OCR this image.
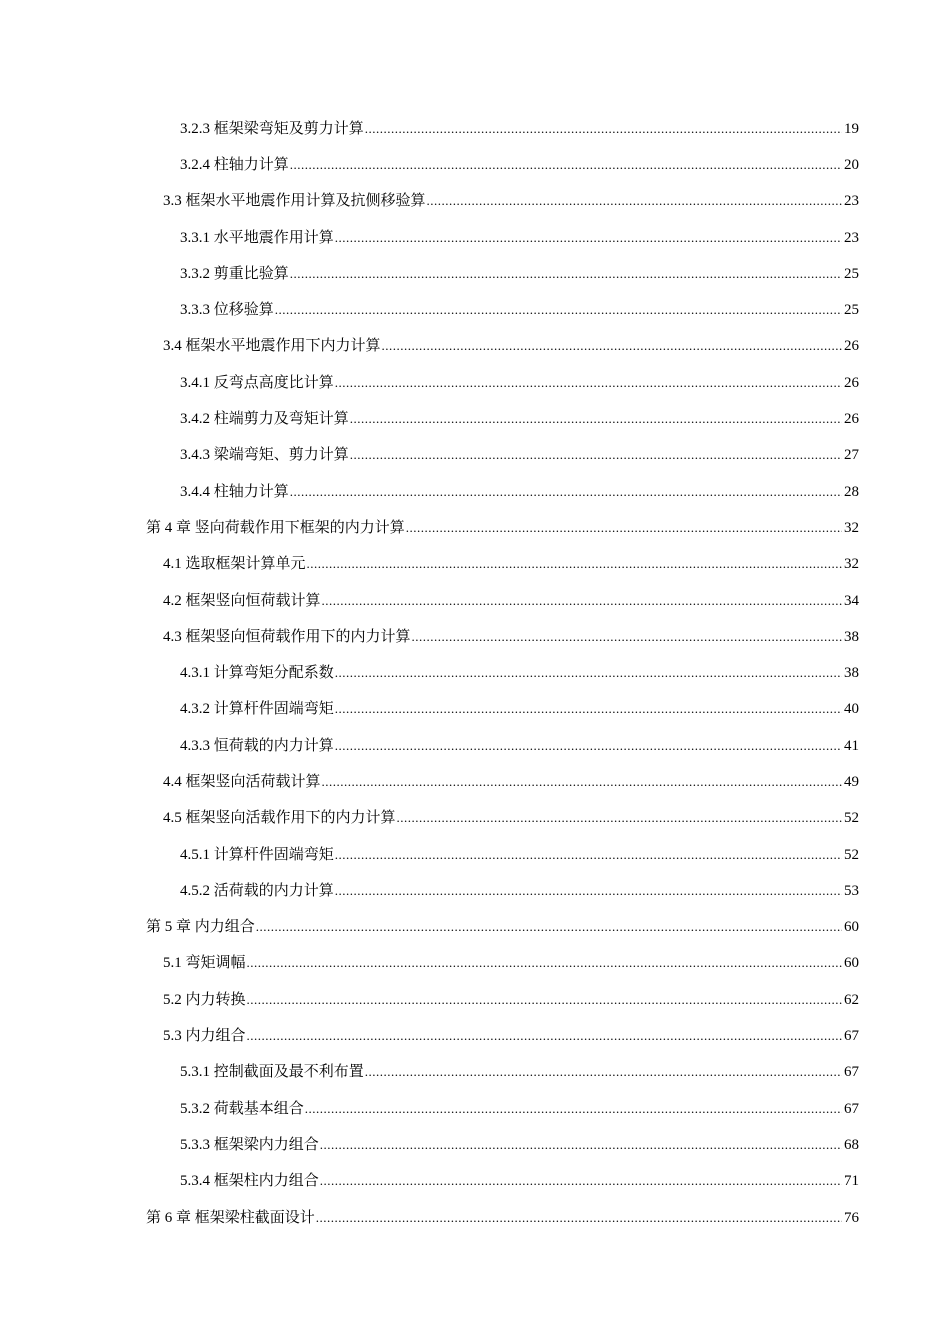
3.2.3 框架梁弯矩及剪力计算 .....	19
3.2.4 柱轴力计算 .....	20
3.3 框架水平地震作用计算及抗侧移验算 .....	23
3.3.1 水平地震作用计算 .....	23
3.3.2 剪重比验算 .....	25
3.3.3 位移验算 .....	25
3.4 框架水平地震作用下内力计算 .....	26
3.4.1 反弯点高度比计算 .....	26
3.4.2 柱端剪力及弯矩计算 .....	26
3.4.3 梁端弯矩、剪力计算 .....	27
3.4.4 柱轴力计算 .....	28
第 4 章 竖向荷载作用下框架的内力计算 .....	32
4.1 选取框架计算单元 .....	32
4.2 框架竖向恒荷载计算 .....	34
4.3 框架竖向恒荷载作用下的内力计算 .....	38
4.3.1 计算弯矩分配系数 .....	38
4.3.2 计算杆件固端弯矩 .....	40
4.3.3 恒荷载的内力计算 .....	41
4.4 框架竖向活荷载计算 .....	49
4.5 框架竖向活载作用下的内力计算 .....	52
4.5.1 计算杆件固端弯矩 .....	52
4.5.2 活荷载的内力计算 .....	53
第 5 章 内力组合 .....	60
5.1 弯矩调幅 .....	60
5.2 内力转换 .....	62
5.3 内力组合 .....	67
5.3.1 控制截面及最不利布置 .....	67
5.3.2 荷载基本组合 .....	67
5.3.3 框架梁内力组合 .....	68
5.3.4 框架柱内力组合 .....	71
第 6 章 框架梁柱截面设计 .....	76
